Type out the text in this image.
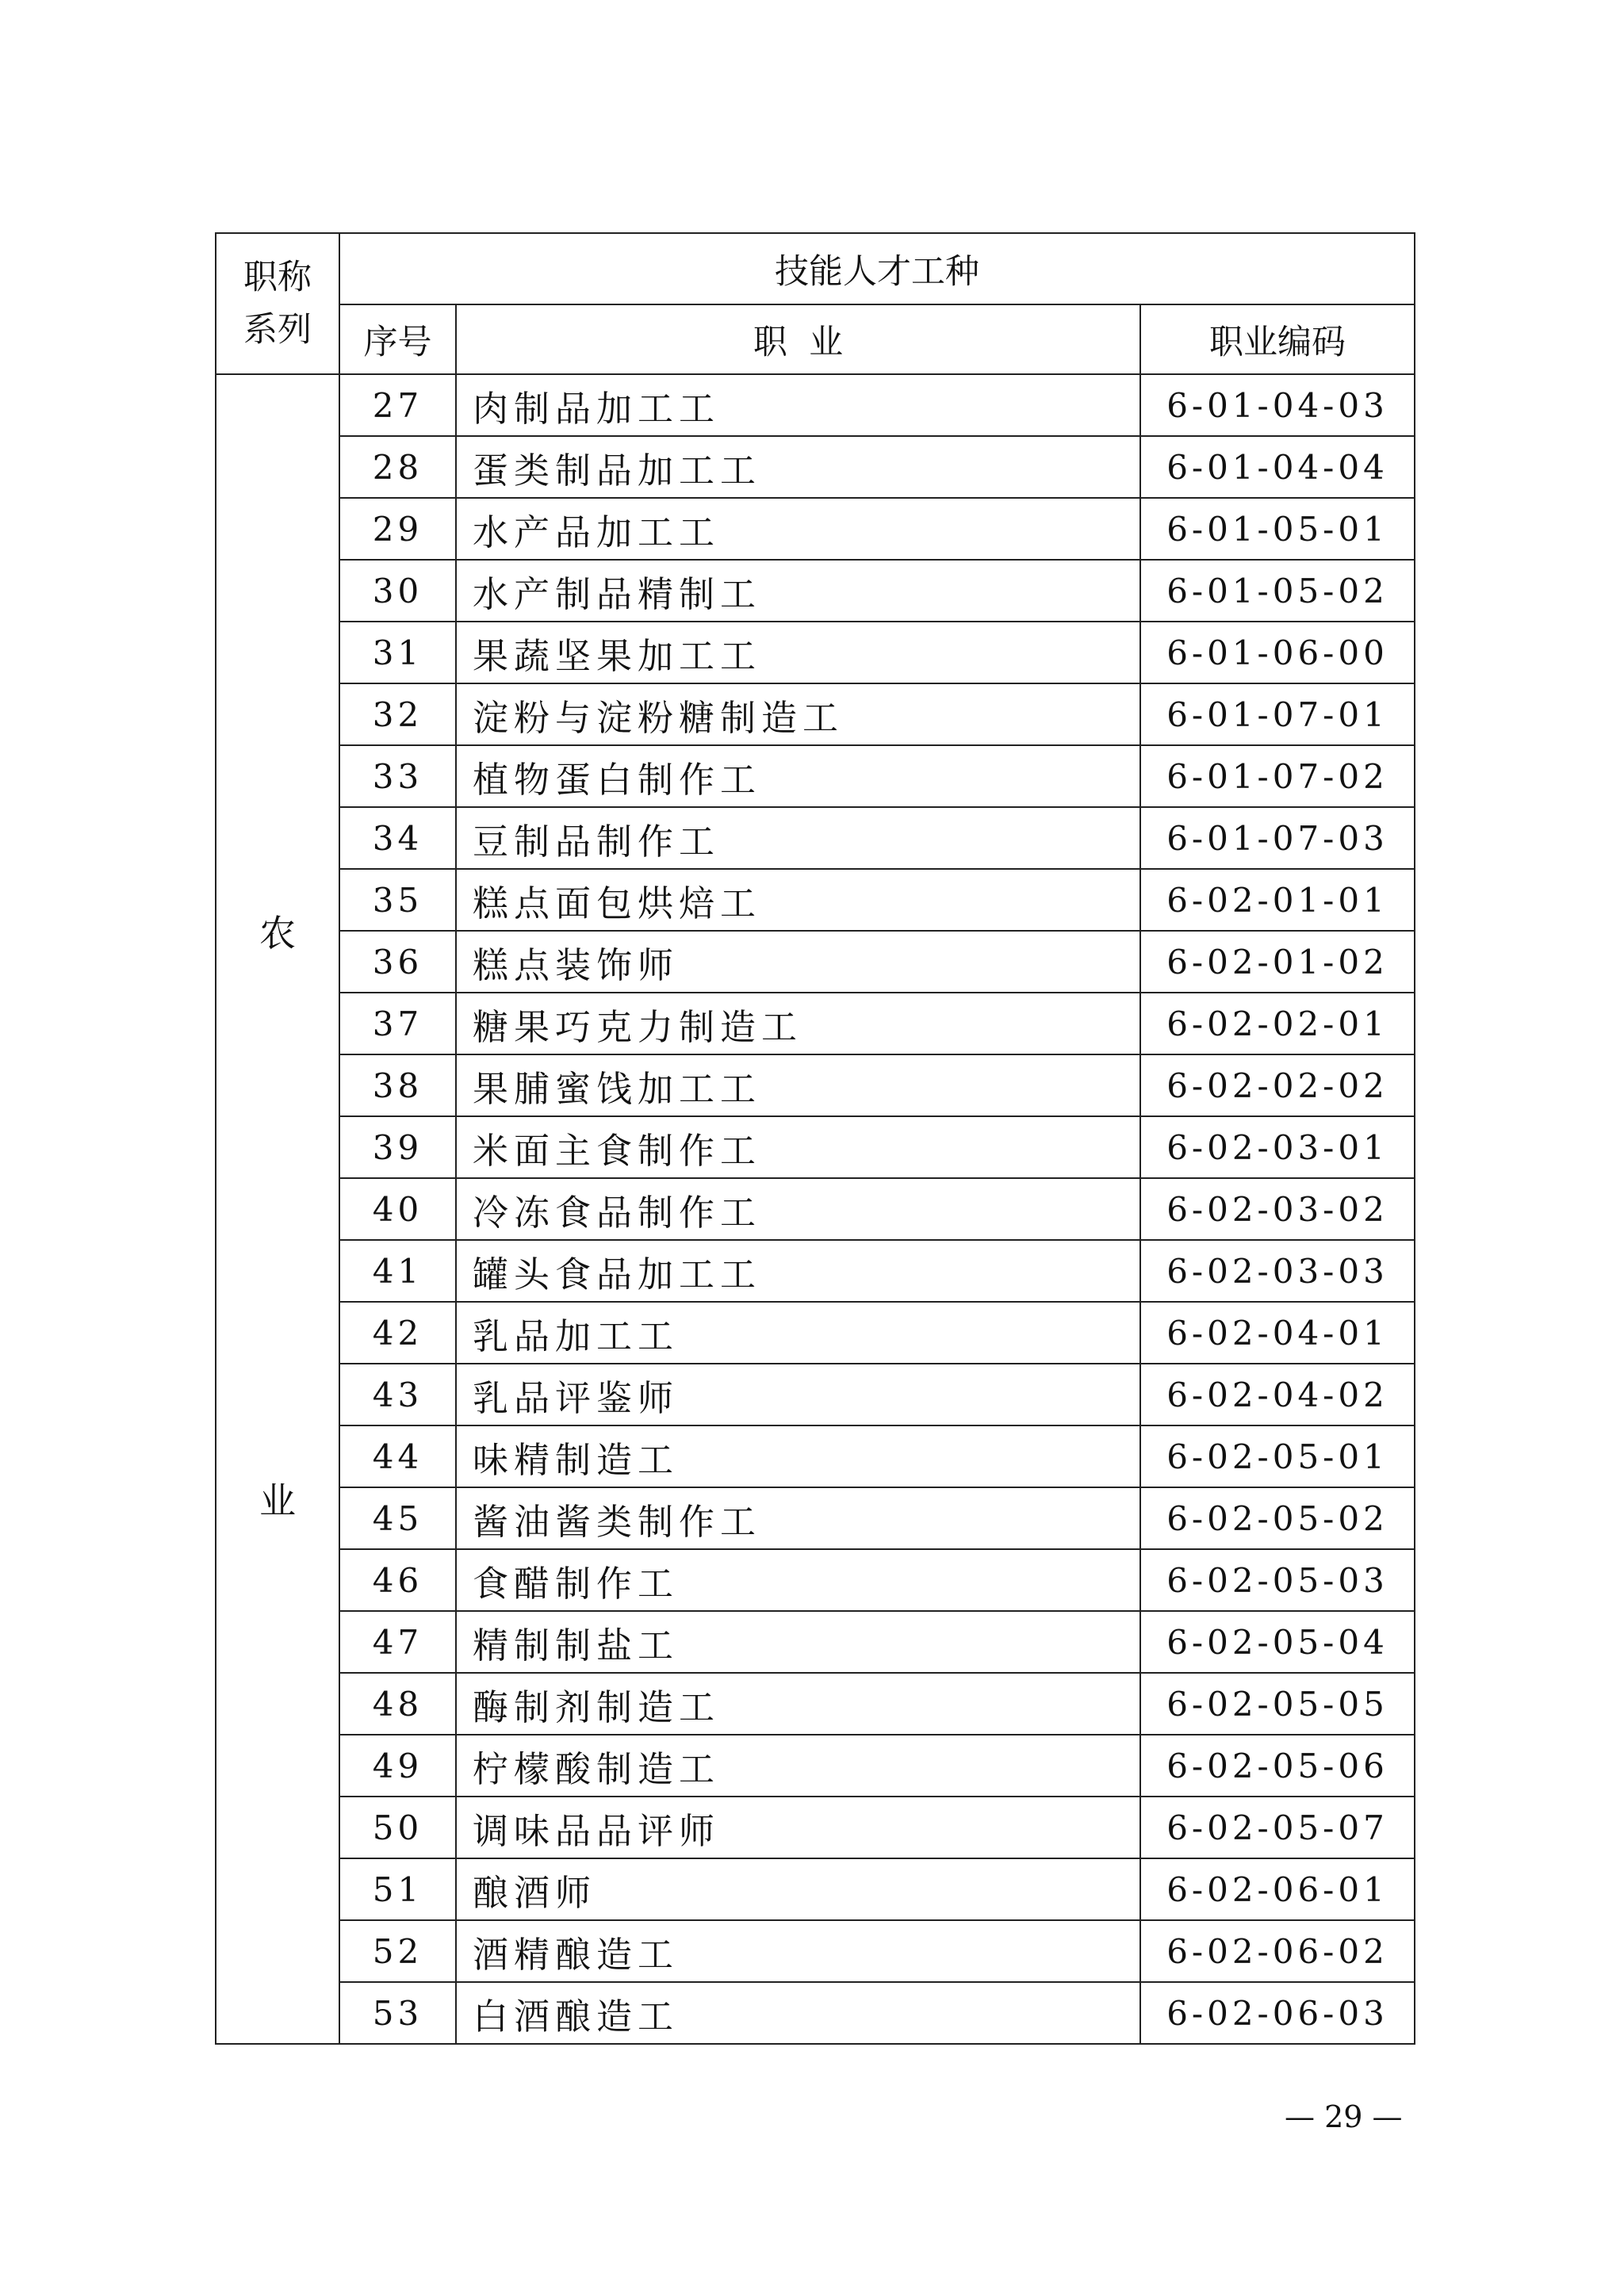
职称
系列	技能人才工种		
	序号	职  业	职业编码

农
业	27	肉制品加工工	6-01-04-03
	28	蛋类制品加工工	6-01-04-04
	29	水产品加工工	6-01-05-01
	30	水产制品精制工	6-01-05-02
	31	果蔬坚果加工工	6-01-06-00
	32	淀粉与淀粉糖制造工	6-01-07-01
	33	植物蛋白制作工	6-01-07-02
	34	豆制品制作工	6-01-07-03
	35	糕点面包烘焙工	6-02-01-01
	36	糕点装饰师	6-02-01-02
	37	糖果巧克力制造工	6-02-02-01
	38	果脯蜜饯加工工	6-02-02-02
	39	米面主食制作工	6-02-03-01
	40	冷冻食品制作工	6-02-03-02
	41	罐头食品加工工	6-02-03-03
	42	乳品加工工	6-02-04-01
	43	乳品评鉴师	6-02-04-02
	44	味精制造工	6-02-05-01
	45	酱油酱类制作工	6-02-05-02
	46	食醋制作工	6-02-05-03
	47	精制制盐工	6-02-05-04
	48	酶制剂制造工	6-02-05-05
	49	柠檬酸制造工	6-02-05-06
	50	调味品品评师	6-02-05-07
	51	酿酒师	6-02-06-01
	52	酒精酿造工	6-02-06-02
	53	白酒酿造工	6-02-06-03
— 29 —
